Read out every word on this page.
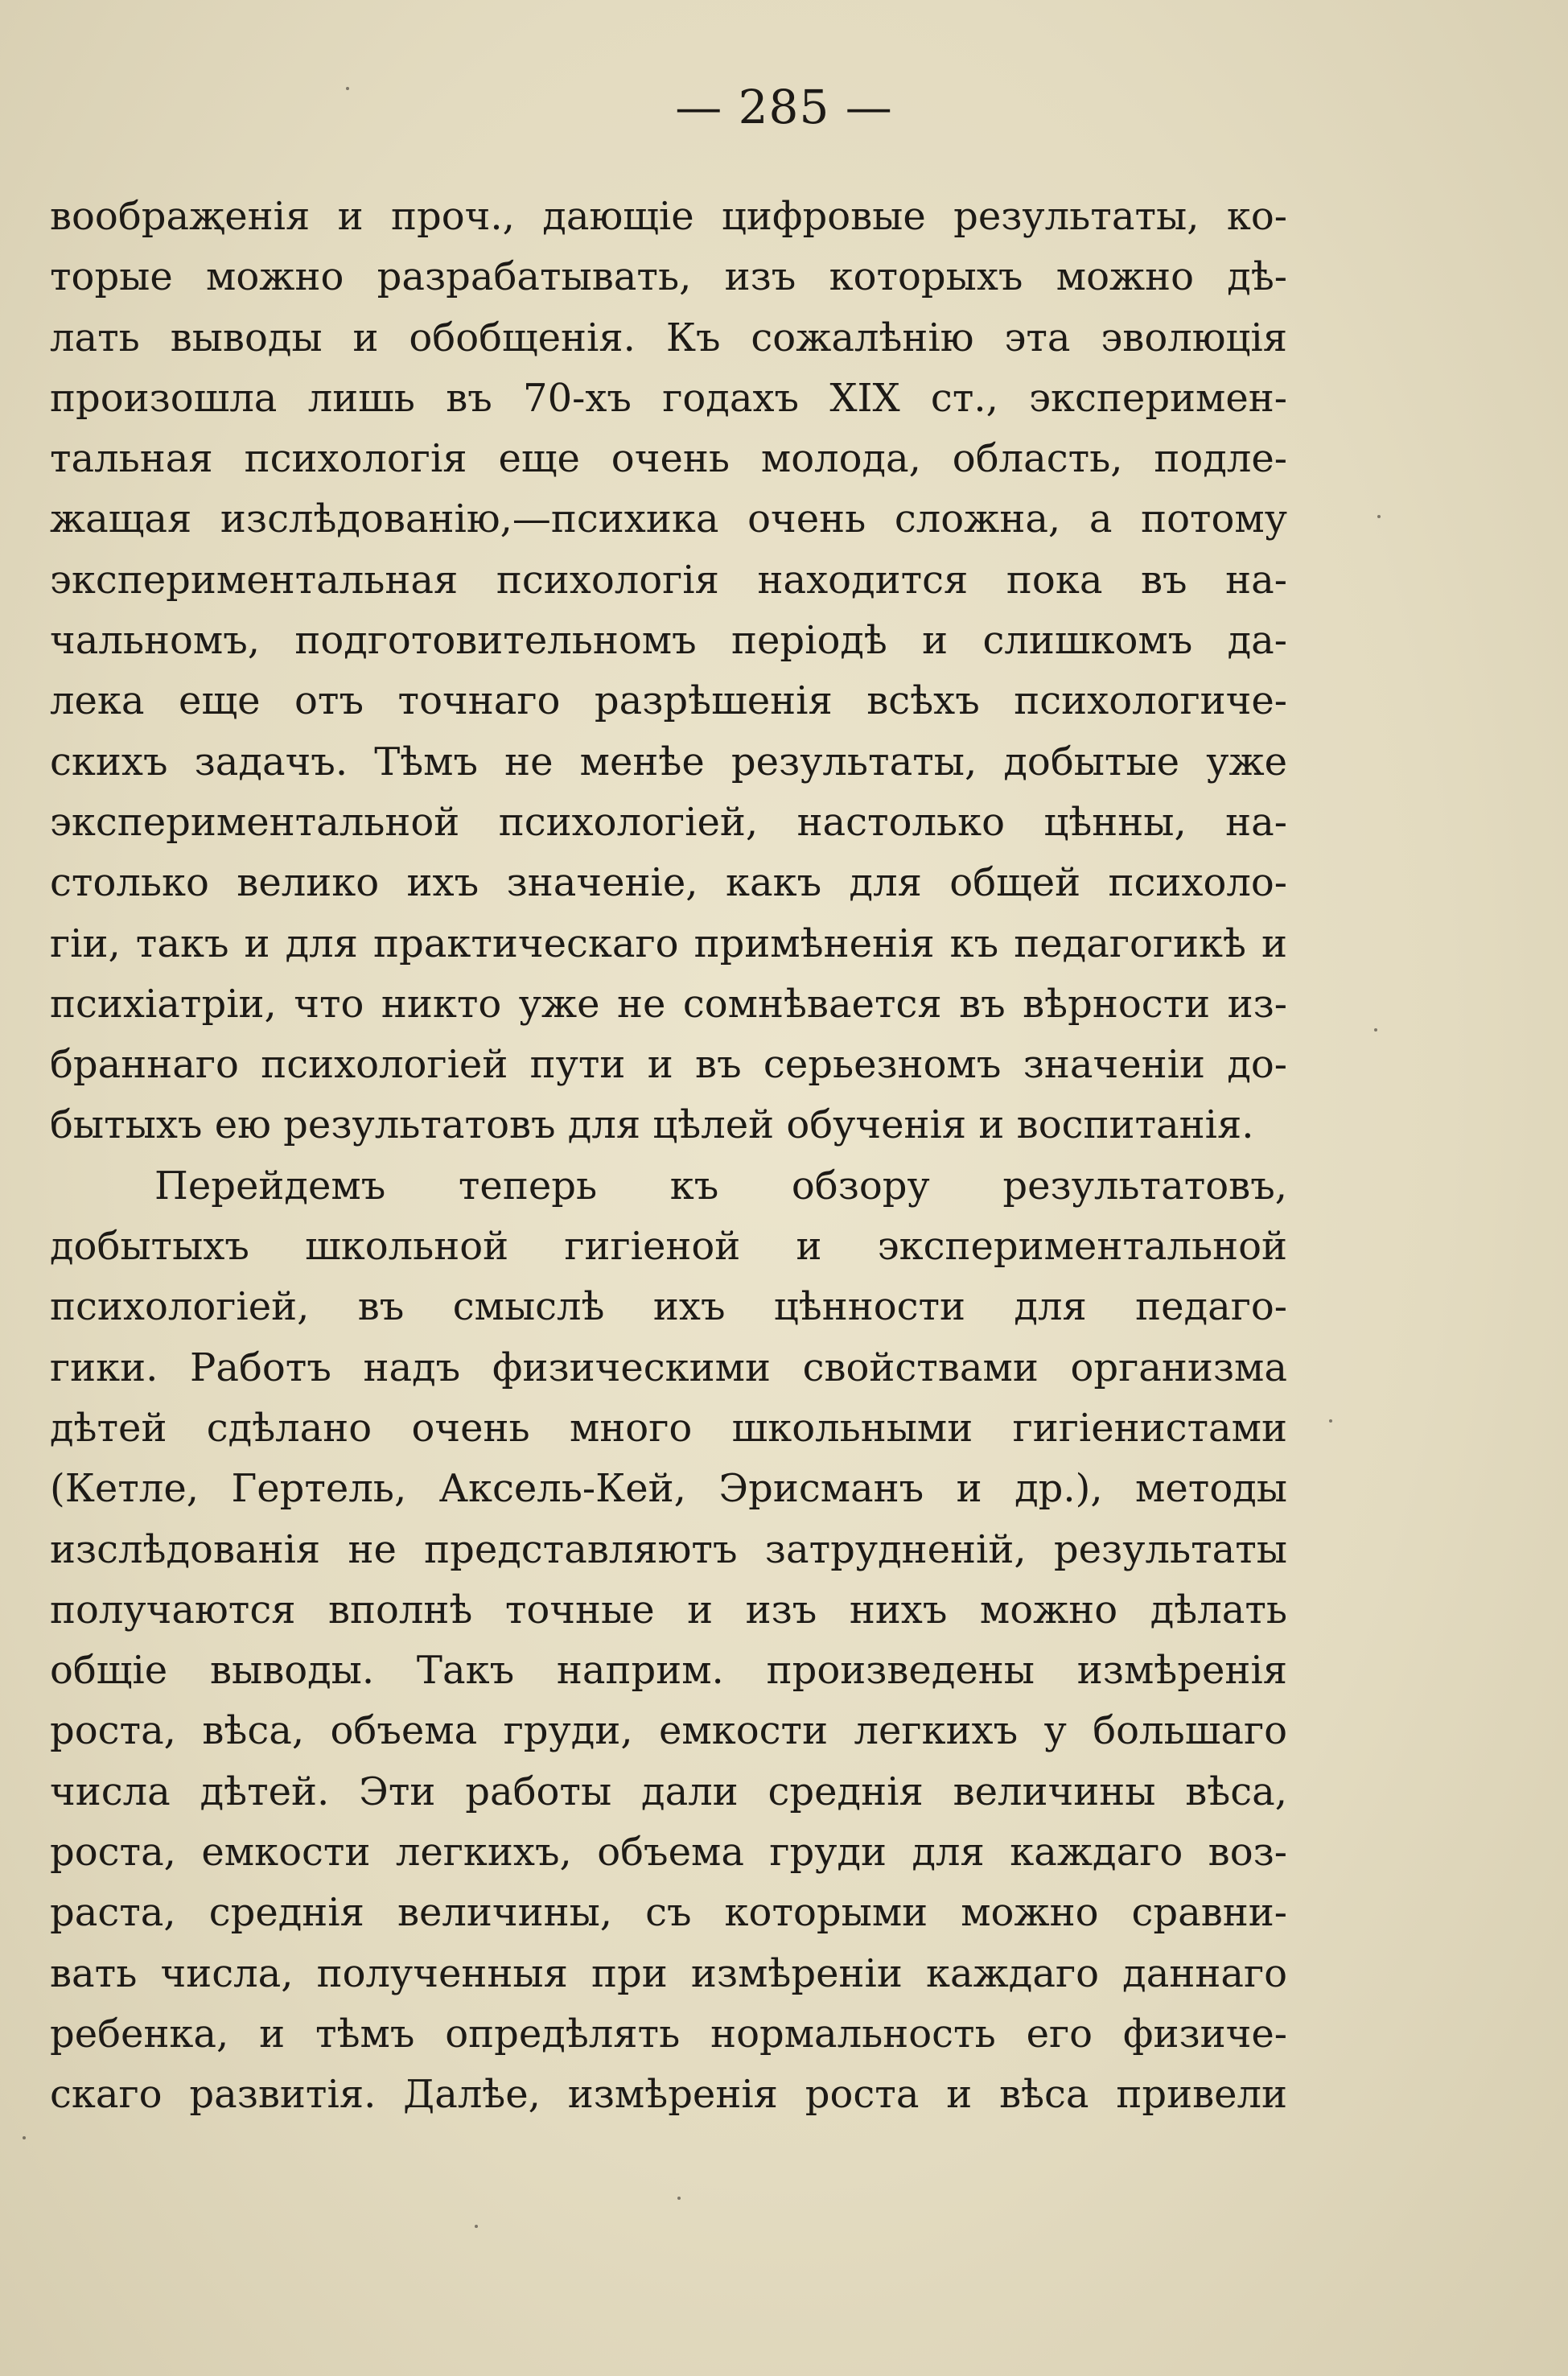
— 285 —
вообраҗенія и проч., дающіе цифровые результаты, ко-
торые можно разрабатывать, изъ которыхъ можно дѣ-
лать выводы и обобщенія. Къ сожалѣнію эта эволюція
произошла лишь въ 70-хъ годахъ XIX ст., эксперимен-
тальная психологія еще очень молода, область, подле-
жащая изслѣдованію,—психика очень сложна, а потому
экспериментальная психологія находится пока въ на-
чальномъ, подготовительномъ періодѣ и слишкомъ да-
лека еще отъ точнаго разрѣшенія всѣхъ психологиче-
скихъ задачъ. Тѣмъ не менѣе результаты, добытые уже
экспериментальной психологіей, настолько цѣнны, на-
столько велико ихъ значеніе, какъ для общей психоло-
гіи, такъ и для практическаго примѣненія къ педагогикѣ и
психіатріи, что никто уже не сомнѣвается въ вѣрности из-
браннаго психологіей пути и въ серьезномъ значеніи до-
бытыхъ ею результатовъ для цѣлей обученія и воспитанія.
Перейдемъ теперь къ обзору результатовъ,
добытыхъ школьной гигіеной и экспериментальной
психологіей, въ смыслѣ ихъ цѣнности для педаго-
гики. Работъ надъ физическими свойствами организма
дѣтей сдѣлано очень много школьными гигіенистами
(Кетле, Гертель, Аксель-Кей, Эрисманъ и др.), методы
изслѣдованія не представляютъ затрудненій, результаты
получаются вполнѣ точные и изъ нихъ можно дѣлать
общіе выводы. Такъ наприм. произведены измѣренія
роста, вѣса, объема груди, емкости легкихъ у большаго
числа дѣтей. Эти работы дали среднія величины вѣса,
роста, емкости легкихъ, объема груди для каждаго воз-
раста, среднія величины, съ которыми можно сравни-
вать числа, полученныя при измѣреніи каждаго даннаго
ребенка, и тѣмъ опредѣлять нормальность его физиче-
скаго развитія. Далѣе, измѣренія роста и вѣса привели
